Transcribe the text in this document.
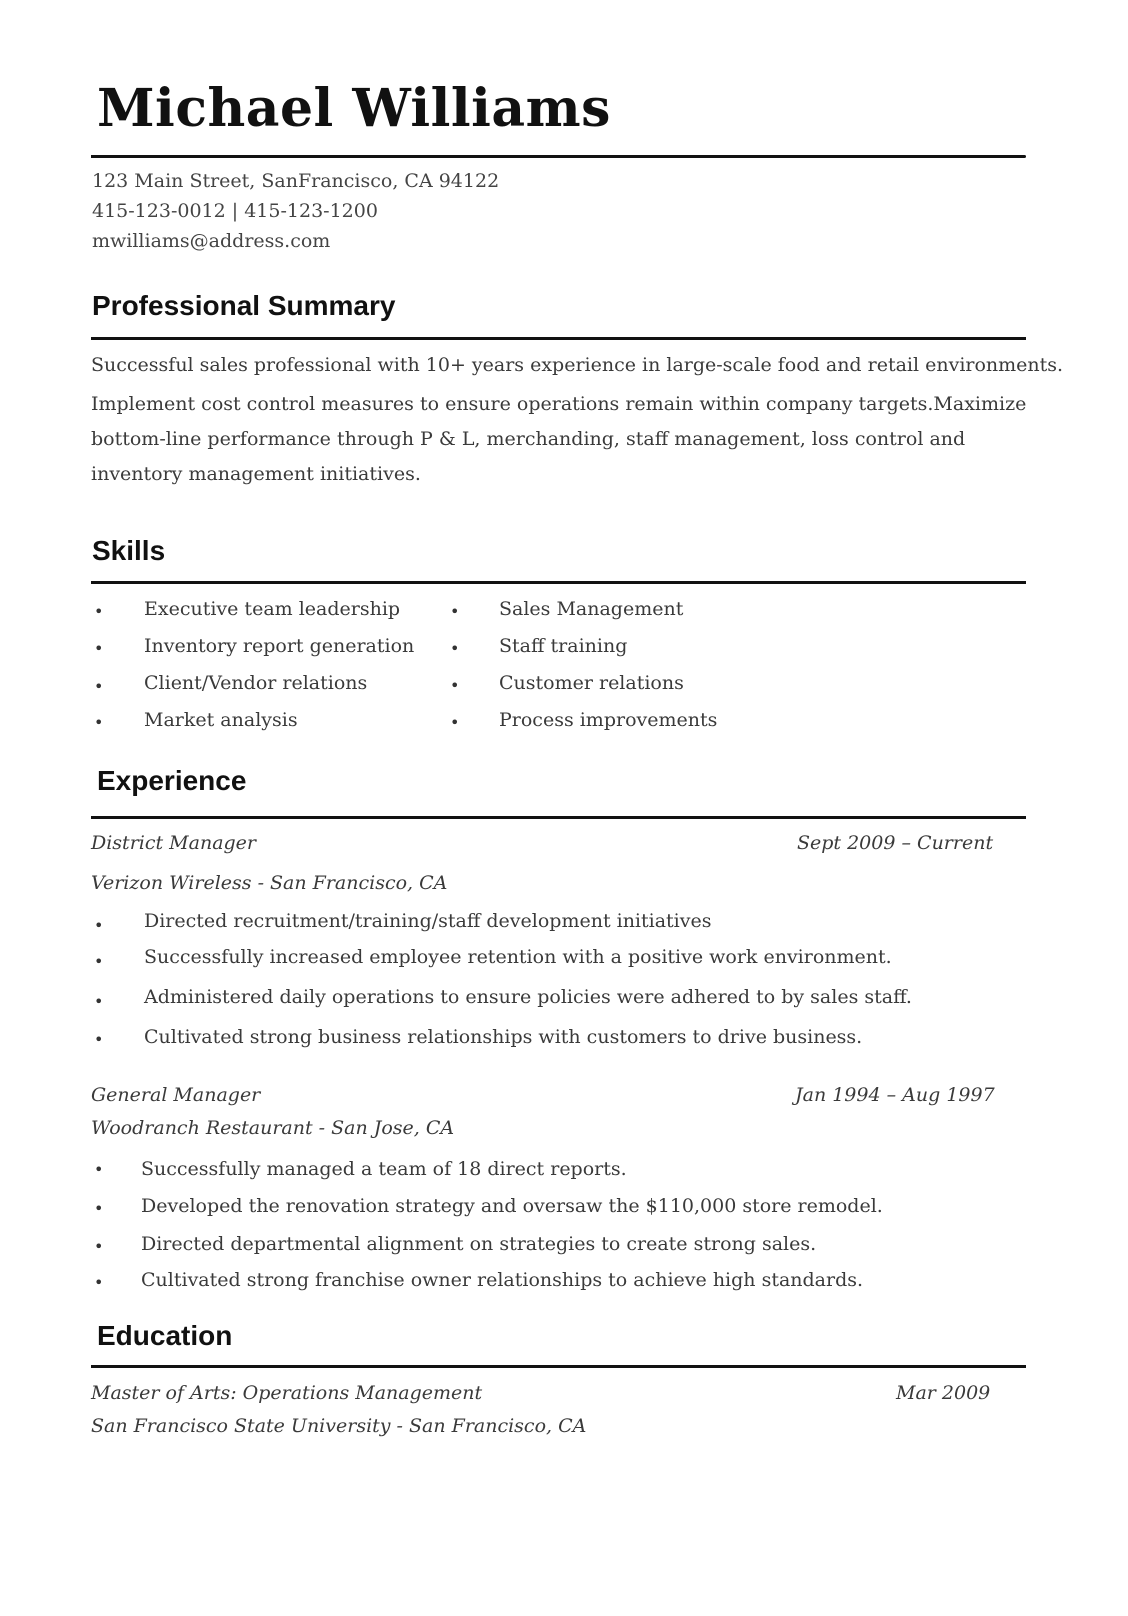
Michael Williams
123 Main Street, SanFrancisco, CA 94122
415-123-0012 | 415-123-1200
mwilliams@address.com
Professional Summary
Successful sales professional with 10+ years experience in large-scale food and retail environments.
Implement cost control measures to ensure operations remain within company targets.Maximize
bottom-line performance through P & L, merchanding, staff management, loss control and
inventory management initiatives.
Skills
• Executive team leadership	• Sales Management
• Inventory report generation • Staff training
• Client/Vendor relations	• Customer relations
• Market analysis	• Process improvements
Experience
District Manager	Sept 2009 – Current
Verizon Wireless - San Francisco, CA
• Directed recruitment/training/staff development initiatives
• Successfully increased employee retention with a positive work environment.
• Administered daily operations to ensure policies were adhered to by sales staff.
• Cultivated strong business relationships with customers to drive business.
General Manager	Jan 1994 – Aug 1997
Woodranch Restaurant - San Jose, CA
• Successfully managed a team of 18 direct reports.
• Developed the renovation strategy and oversaw the $110,000 store remodel.
• Directed departmental alignment on strategies to create strong sales.
• Cultivated strong franchise owner relationships to achieve high standards.
Education
Master of Arts: Operations Management	Mar 2009
San Francisco State University - San Francisco, CA
